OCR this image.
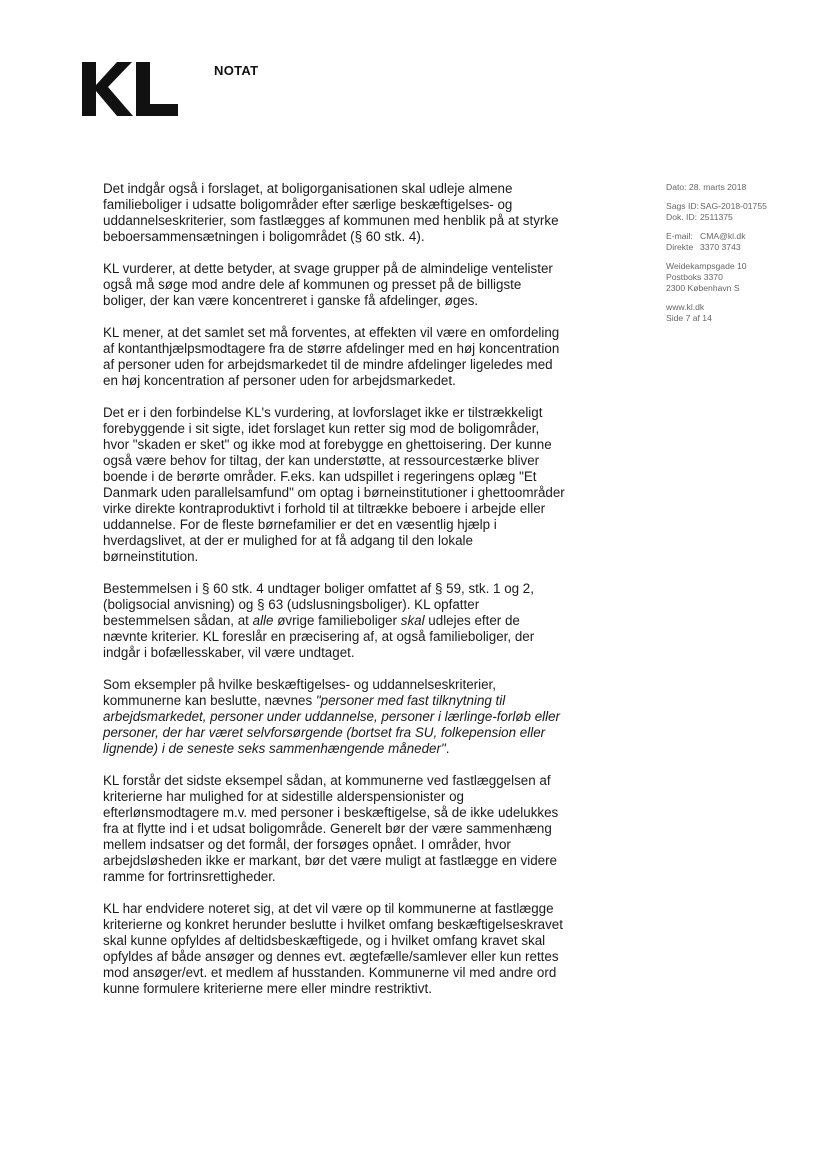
NOTAT
Dato: 28. marts 2018
Sags ID:SAG-2018-01755
Dok. ID: 2511375
E-mail: CMA@kl.dk
Direkte 3370 3743
Weidekampsgade 10
Postboks 3370
2300 København S
www.kl.dk
Side 7 af 14

Det indgår også i forslaget, at boligorganisationen skal udleje almene familieboliger i udsatte boligområder efter særlige beskæftigelses- og uddannelseskriterier, som fastlægges af kommunen med henblik på at styrke beboersammensætningen i boligområdet (§ 60 stk. 4).

KL vurderer, at dette betyder, at svage grupper på de almindelige ventelister også må søge mod andre dele af kommunen og presset på de billigste boliger, der kan være koncentreret i ganske få afdelinger, øges.

KL mener, at det samlet set må forventes, at effekten vil være en omfordeling af kontanthjælpsmodtagere fra de større afdelinger med en høj koncentration af personer uden for arbejdsmarkedet til de mindre afdelinger ligeledes med en høj koncentration af personer uden for arbejdsmarkedet.

Det er i den forbindelse KL's vurdering, at lovforslaget ikke er tilstrækkeligt forebyggende i sit sigte, idet forslaget kun retter sig mod de boligområder, hvor "skaden er sket" og ikke mod at forebygge en ghettoisering. Der kunne også være behov for tiltag, der kan understøtte, at ressourcestærke bliver boende i de berørte områder. F.eks. kan udspillet i regeringens oplæg "Et Danmark uden parallelsamfund" om optag i børneinstitutioner i ghettoområder virke direkte kontraproduktivt i forhold til at tiltrække beboere i arbejde eller uddannelse. For de fleste børnefamilier er det en væsentlig hjælp i hverdagslivet, at der er mulighed for at få adgang til den lokale børneinstitution.

Bestemmelsen i § 60 stk. 4 undtager boliger omfattet af § 59, stk. 1 og 2, (boligsocial anvisning) og § 63 (udslusningsboliger). KL opfatter bestemmelsen sådan, at alle øvrige familieboliger skal udlejes efter de nævnte kriterier. KL foreslår en præcisering af, at også familieboliger, der indgår i bofællesskaber, vil være undtaget.

Som eksempler på hvilke beskæftigelses- og uddannelseskriterier, kommunerne kan beslutte, nævnes "personer med fast tilknytning til arbejdsmarkedet, personer under uddannelse, personer i lærlinge-forløb eller personer, der har været selvforsørgende (bortset fra SU, folkepension eller lignende) i de seneste seks sammenhængende måneder".

KL forstår det sidste eksempel sådan, at kommunerne ved fastlæggelsen af kriterierne har mulighed for at sidestille alderspensionister og efterlønsmodtagere m.v. med personer i beskæftigelse, så de ikke udelukkes fra at flytte ind i et udsat boligområde. Generelt bør der være sammenhæng mellem indsatser og det formål, der forsøges opnået. I områder, hvor arbejdsløsheden ikke er markant, bør det være muligt at fastlægge en videre ramme for fortrinsrettigheder.

KL har endvidere noteret sig, at det vil være op til kommunerne at fastlægge kriterierne og konkret herunder beslutte i hvilket omfang beskæftigelseskravet skal kunne opfyldes af deltidsbeskæftigede, og i hvilket omfang kravet skal opfyldes af både ansøger og dennes evt. ægtefælle/samlever eller kun rettes mod ansøger/evt. et medlem af husstanden. Kommunerne vil med andre ord kunne formulere kriterierne mere eller mindre restriktivt.
